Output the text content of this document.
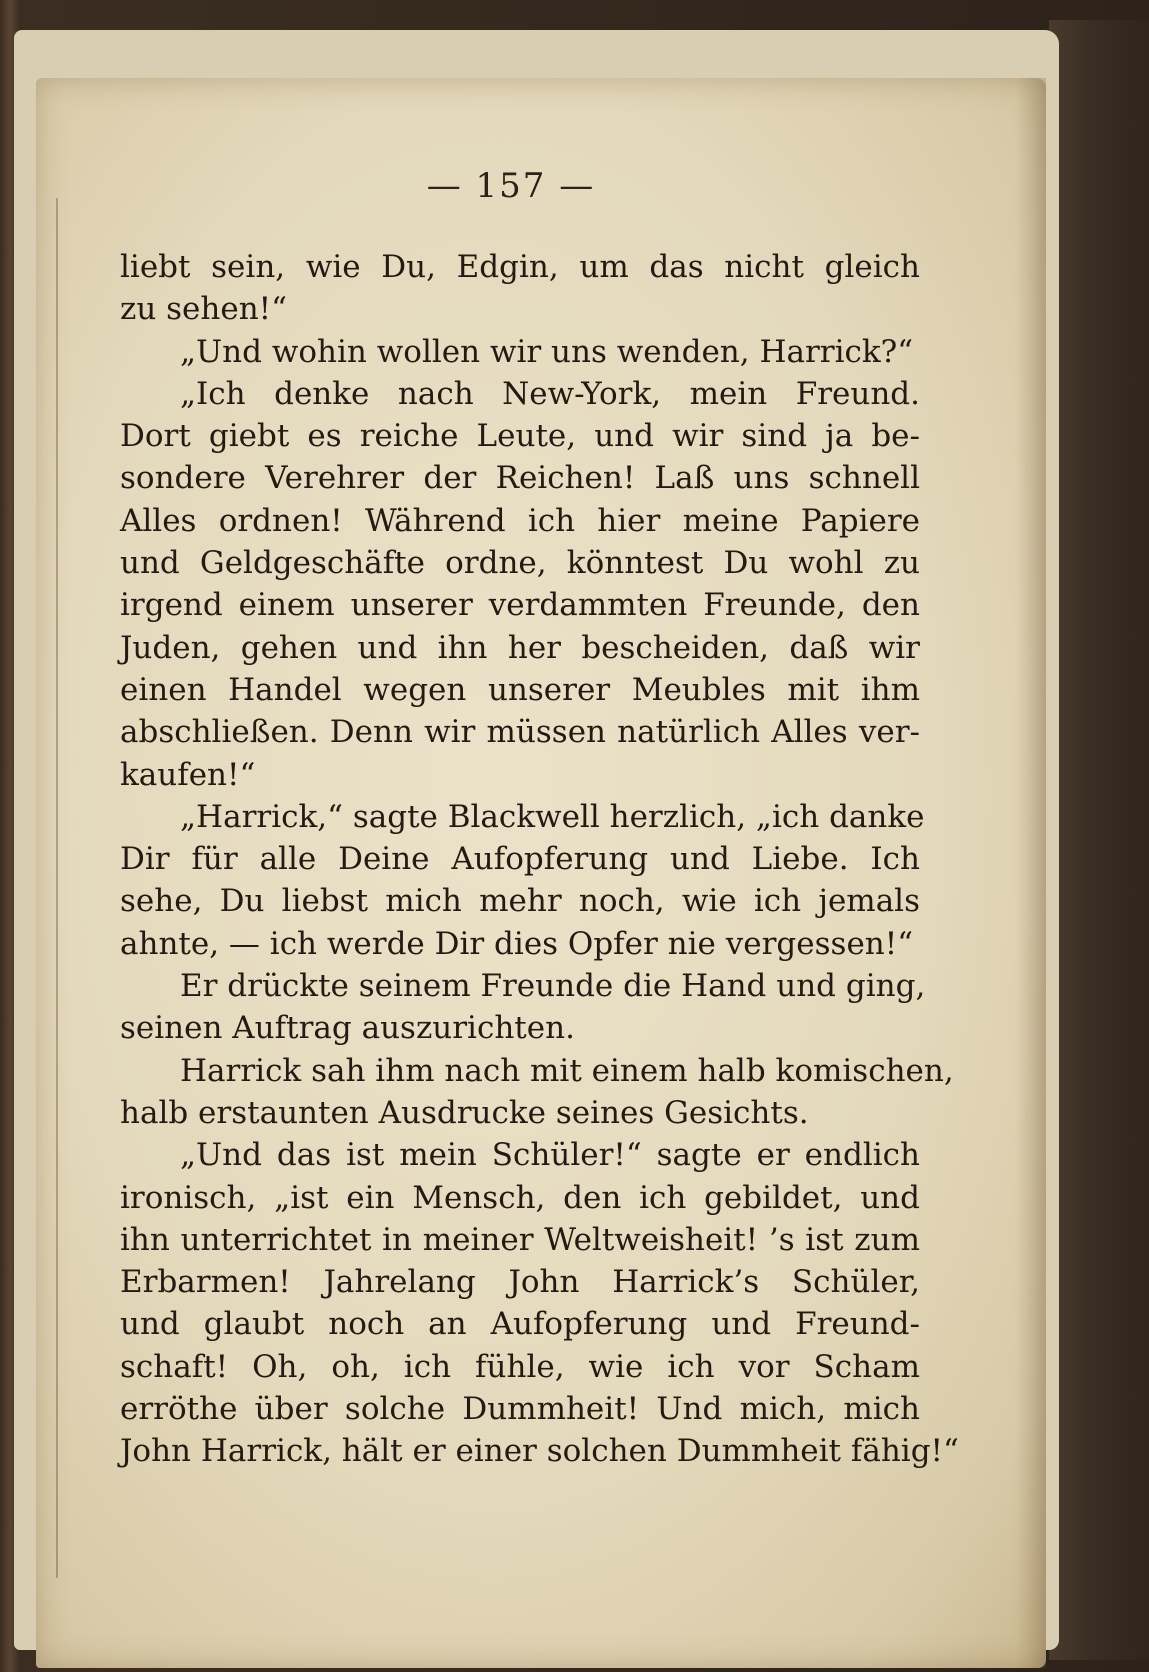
— 157 —
liebt sein, wie Du, Edgin, um das nicht gleich
zu sehen!“
„Und wohin wollen wir uns wenden, Harrick?“
„Ich denke nach New-York, mein Freund.
Dort giebt es reiche Leute, und wir sind ja be-
sondere Verehrer der Reichen! Laß uns schnell
Alles ordnen! Während ich hier meine Papiere
und Geldgeschäfte ordne, könntest Du wohl zu
irgend einem unserer verdammten Freunde, den
Juden, gehen und ihn her bescheiden, daß wir
einen Handel wegen unserer Meubles mit ihm
abschließen. Denn wir müssen natürlich Alles ver-
kaufen!“
„Harrick,“ sagte Blackwell herzlich, „ich danke
Dir für alle Deine Aufopferung und Liebe. Ich
sehe, Du liebst mich mehr noch, wie ich jemals
ahnte, — ich werde Dir dies Opfer nie vergessen!“
Er drückte seinem Freunde die Hand und ging,
seinen Auftrag auszurichten.
Harrick sah ihm nach mit einem halb komischen,
halb erstaunten Ausdrucke seines Gesichts.
„Und das ist mein Schüler!“ sagte er endlich
ironisch, „ist ein Mensch, den ich gebildet, und
ihn unterrichtet in meiner Weltweisheit! ’s ist zum
Erbarmen! Jahrelang John Harrick’s Schüler,
und glaubt noch an Aufopferung und Freund-
schaft! Oh, oh, ich fühle, wie ich vor Scham
erröthe über solche Dummheit! Und mich, mich
John Harrick, hält er einer solchen Dummheit fähig!“
